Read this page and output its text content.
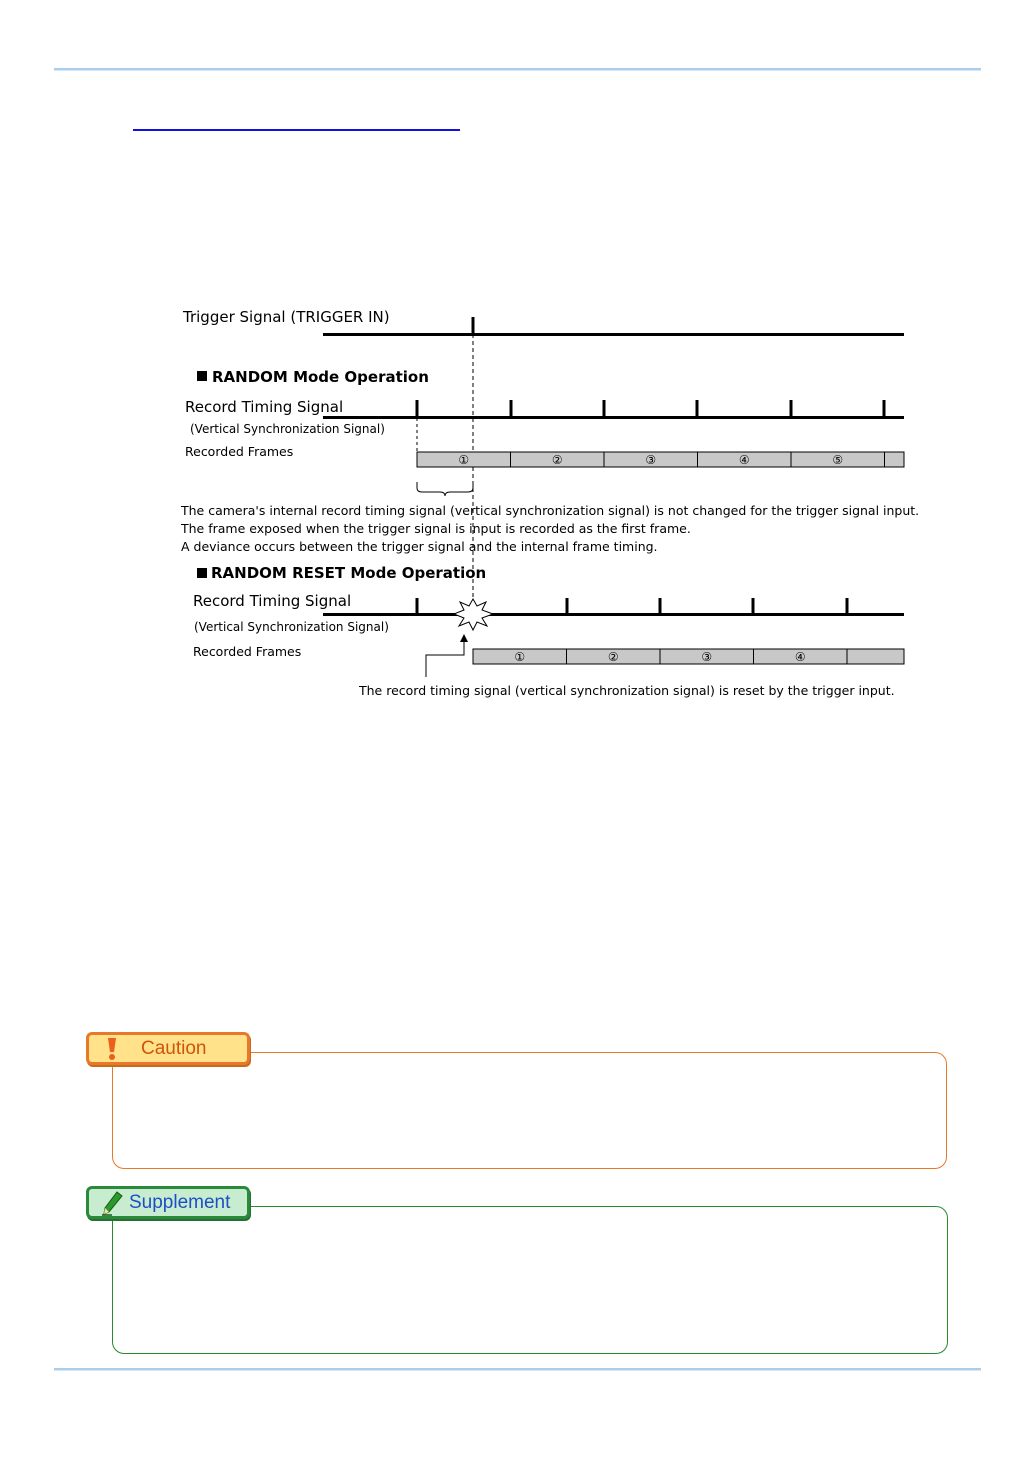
Trigger Signal (TRIGGER IN)
RANDOM Mode Operation
Record Timing Signal
(Vertical Synchronization Signal)
Recorded Frames
①	②	③	④	⑤
The camera's internal record timing signal (vertical synchronization signal) is not changed for the trigger signal input.
The frame exposed when the trigger signal is input is recorded as the first frame.
A deviance occurs between the trigger signal and the internal frame timing.
RANDOM RESET Mode Operation
Record Timing Signal
(Vertical Synchronization Signal)
Recorded Frames	①	②	③	④
The record timing signal (vertical synchronization signal) is reset by the trigger input.
Caution
Supplement
